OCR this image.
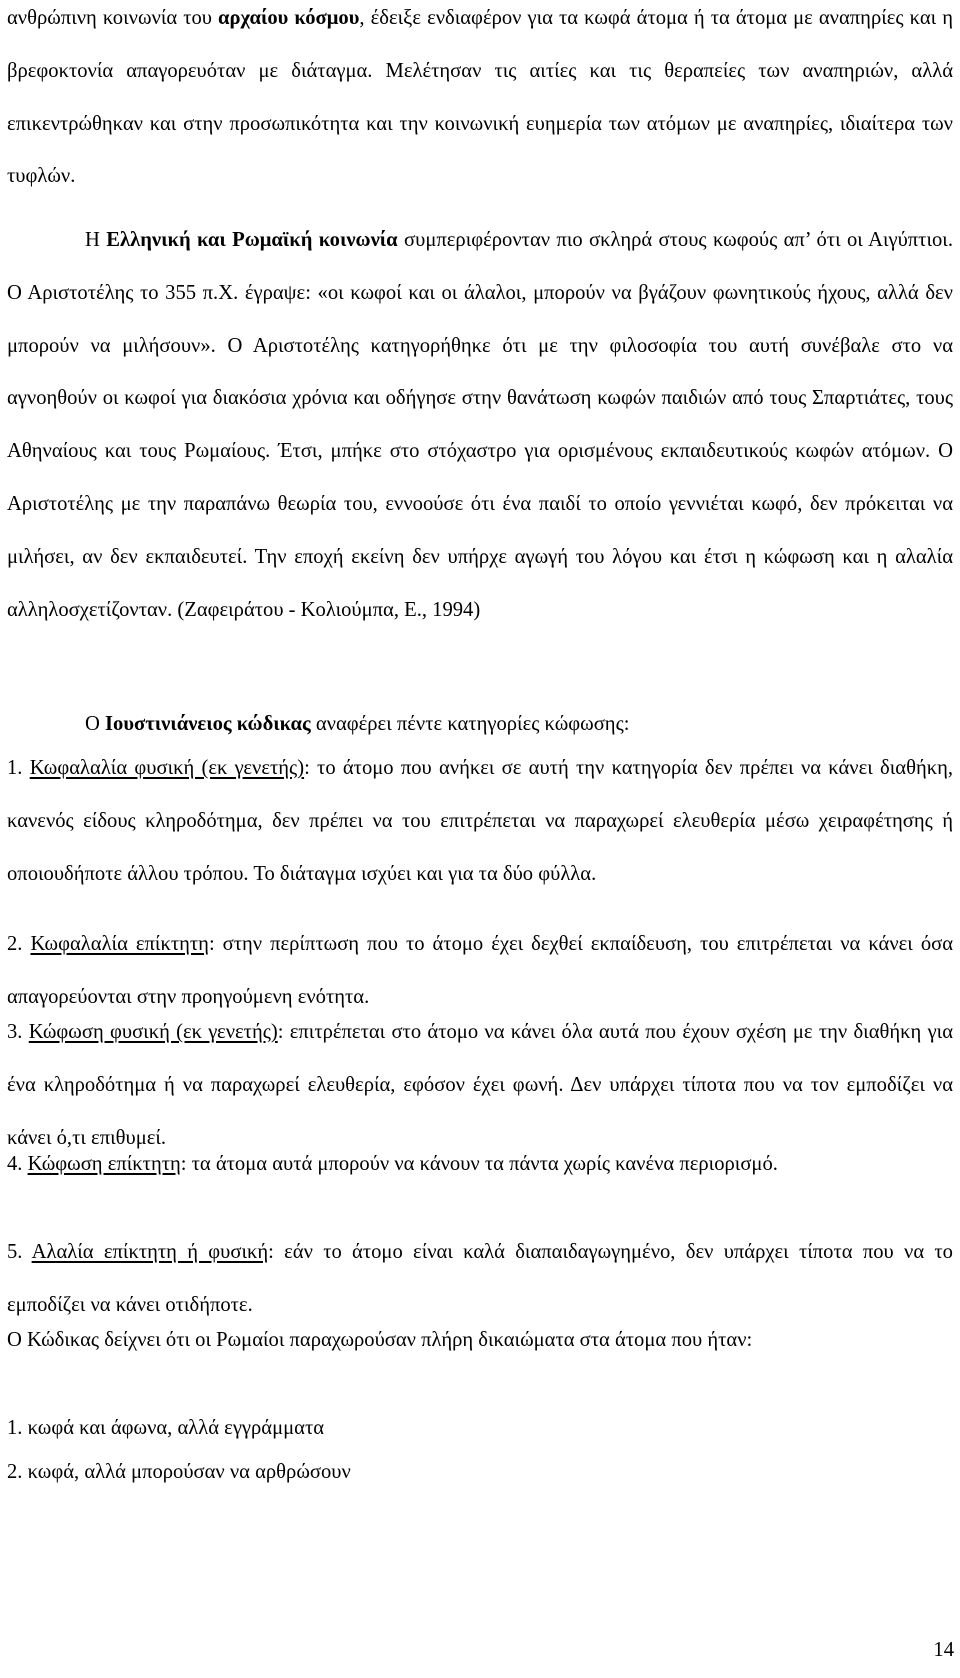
ανθρώπινη κοινωνία του αρχαίου κόσμου, έδειξε ενδιαφέρον για τα κωφά άτομα ή τα άτομα με αναπηρίες και η βρεφοκτονία απαγορευόταν με διάταγμα. Μελέτησαν τις αιτίες και τις θεραπείες των αναπηριών, αλλά επικεντρώθηκαν και στην προσωπικότητα και την κοινωνική ευημερία των ατόμων με αναπηρίες, ιδιαίτερα των τυφλών.

Η Ελληνική και Ρωμαϊκή κοινωνία συμπεριφέρονταν πιο σκληρά στους κωφούς απ’ ότι οι Αιγύπτιοι. Ο Αριστοτέλης το 355 π.Χ. έγραψε: «οι κωφοί και οι άλαλοι, μπορούν να βγάζουν φωνητικούς ήχους, αλλά δεν μπορούν να μιλήσουν». Ο Αριστοτέλης κατηγορήθηκε ότι με την φιλοσοφία του αυτή συνέβαλε στο να αγνοηθούν οι κωφοί για διακόσια χρόνια και οδήγησε στην θανάτωση κωφών παιδιών από τους Σπαρτιάτες, τους Αθηναίους και τους Ρωμαίους. Έτσι, μπήκε στο στόχαστρο για ορισμένους εκπαιδευτικούς κωφών ατόμων. Ο Αριστοτέλης με την παραπάνω θεωρία του, εννοούσε ότι ένα παιδί το οποίο γεννιέται κωφό, δεν πρόκειται να μιλήσει, αν δεν εκπαιδευτεί. Την εποχή εκείνη δεν υπήρχε αγωγή του λόγου και έτσι η κώφωση και η αλαλία αλληλοσχετίζονταν. (Ζαφειράτου - Κολιούμπα, Ε., 1994)

Ο Ιουστινιάνειος κώδικας αναφέρει πέντε κατηγορίες κώφωσης:

1. Κωφαλαλία φυσική (εκ γενετής): το άτομο που ανήκει σε αυτή την κατηγορία δεν πρέπει να κάνει διαθήκη, κανενός είδους κληροδότημα, δεν πρέπει να του επιτρέπεται να παραχωρεί ελευθερία μέσω χειραφέτησης ή οποιουδήποτε άλλου τρόπου. Το διάταγμα ισχύει και για τα δύο φύλλα.

2. Κωφαλαλία επίκτητη: στην περίπτωση που το άτομο έχει δεχθεί εκπαίδευση, του επιτρέπεται να κάνει όσα απαγορεύονται στην προηγούμενη ενότητα.

3. Κώφωση φυσική (εκ γενετής): επιτρέπεται στο άτομο να κάνει όλα αυτά που έχουν σχέση με την διαθήκη για ένα κληροδότημα ή να παραχωρεί ελευθερία, εφόσον έχει φωνή. Δεν υπάρχει τίποτα που να τον εμποδίζει να κάνει ό,τι επιθυμεί.

4. Κώφωση επίκτητη: τα άτομα αυτά μπορούν να κάνουν τα πάντα χωρίς κανένα περιορισμό.

5. Αλαλία επίκτητη ή φυσική: εάν το άτομο είναι καλά διαπαιδαγωγημένο, δεν υπάρχει τίποτα που να το εμποδίζει να κάνει οτιδήποτε.

Ο Κώδικας δείχνει ότι οι Ρωμαίοι παραχωρούσαν πλήρη δικαιώματα στα άτομα που ήταν:

1. κωφά και άφωνα, αλλά εγγράμματα

2. κωφά, αλλά μπορούσαν να αρθρώσουν

14
